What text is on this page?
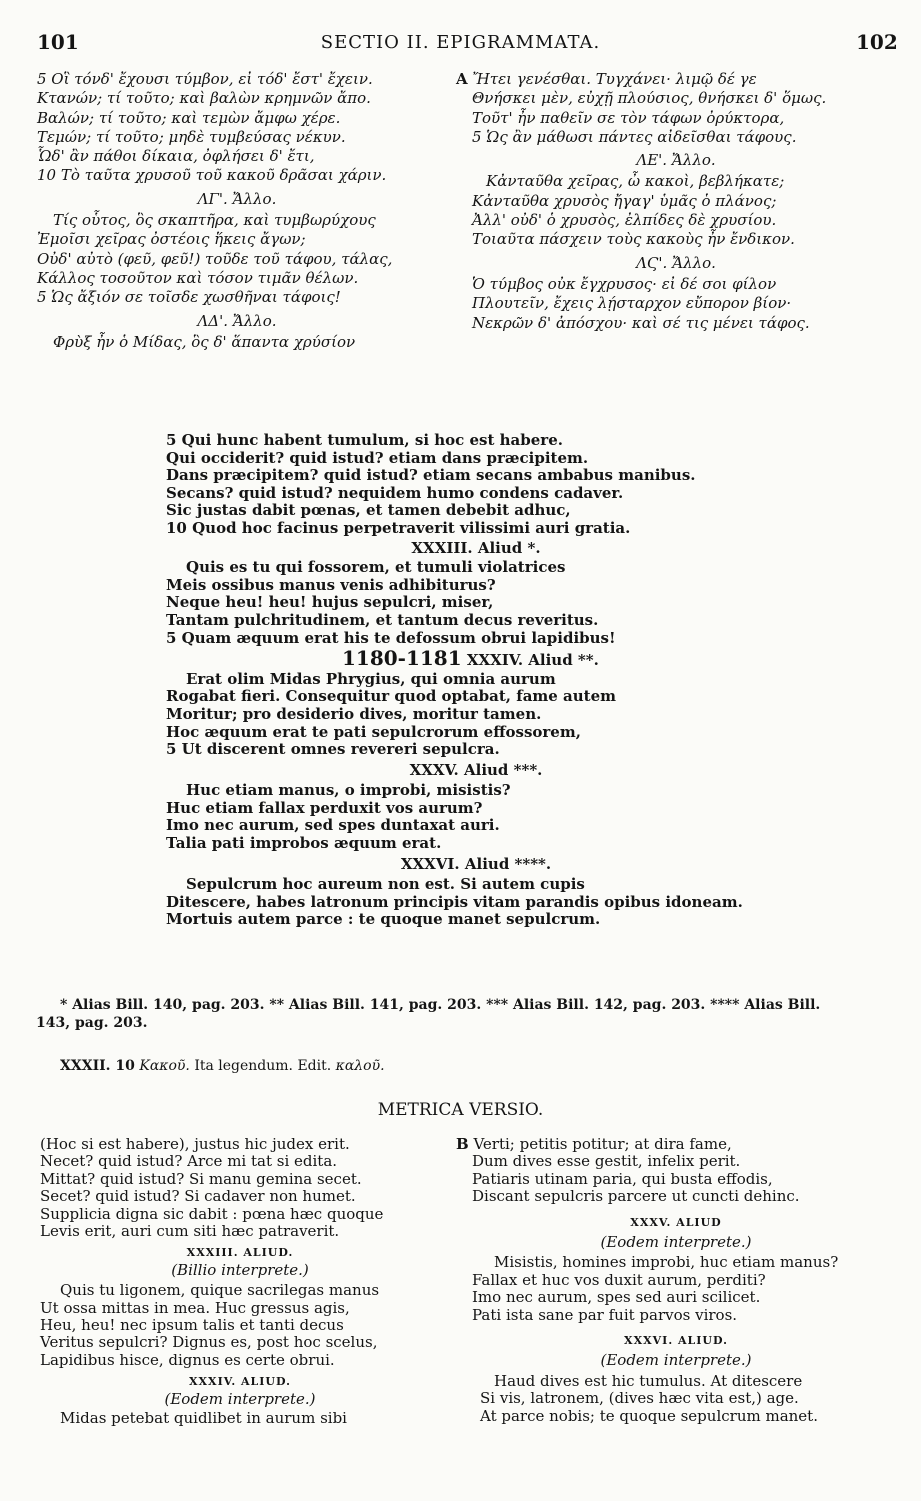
101	SECTIO II. EPIGRAMMATA.	102
5 Οἳ τόνδ' ἔχουσι τύμβον, εἰ τόδ' ἔστ' ἔχειν.
Κτανών; τί τοῦτο; καὶ βαλὼν κρημνῶν ἄπο.
Βαλών; τί τοῦτο; καὶ τεμὼν ἄμφω χέρε.
Τεμών; τί τοῦτο; μηδὲ τυμβεύσας νέκυν.
Ὧδ' ἂν πάθοι δίκαια, ὀφλήσει δ' ἔτι,
10 Τὸ ταῦτα χρυσοῦ τοῦ κακοῦ δρᾶσαι χάριν.
ΛΓ'. Ἄλλο.
Τίς οὗτος, ὃς σκαπτῆρα, καὶ τυμβωρύχους
Ἐμοῖσι χεῖρας ὀστέοις ἥκεις ἄγων;
Οὐδ' αὐτὸ (φεῦ, φεῦ!) τοῦδε τοῦ τάφου, τάλας,
Κάλλος τοσοῦτον καὶ τόσον τιμᾶν θέλων.
5 Ὡς ἄξιόν σε τοῖσδε χωσθῆναι τάφοις!
ΛΔ'. Ἄλλο.
Φρὺξ ἦν ὁ Μίδας, ὃς δ' ἅπαντα χρύσίον
A Ἤτει γενέσθαι. Τυγχάνει· λιμῷ δέ γε
Θνήσκει μὲν, εὐχῇ πλούσιος, θνήσκει δ' ὅμως.
Τοῦτ' ἦν παθεῖν σε τὸν τάφων ὀρύκτορα,
5 Ὡς ἂν μάθωσι πάντες αἰδεῖσθαι τάφους.
ΛΕ'. Ἄλλο.
Κἀνταῦθα χεῖρας, ὦ κακοὶ, βεβλήκατε;
Κἀνταῦθα χρυσὸς ἤγαγ' ὑμᾶς ὁ πλάνος;
Ἀλλ' οὐδ' ὁ χρυσὸς, ἐλπίδες δὲ χρυσίου.
Τοιαῦτα πάσχειν τοὺς κακοὺς ἦν ἔνδικον.
ΛϚ'. Ἄλλο.
Ὁ τύμβος οὐκ ἔγχρυσος· εἰ δέ σοι φίλον
Πλουτεῖν, ἔχεις λῄσταρχον εὔπορον βίον·
Νεκρῶν δ' ἀπόσχου· καὶ σέ τις μένει τάφος.
5 Qui hunc habent tumulum, si hoc est habere.
Qui occiderit? quid istud? etiam dans præcipitem.
Dans præcipitem? quid istud? etiam secans ambabus manibus.
Secans? quid istud? nequidem humo condens cadaver.
Sic justas dabit pœnas, et tamen debebit adhuc,
10 Quod hoc facinus perpetraverit vilissimi auri gratia.
XXXIII. Aliud *.
Quis es tu qui fossorem, et tumuli violatrices
Meis ossibus manus venis adhibiturus?
Neque heu! heu! hujus sepulcri, miser,
Tantam pulchritudinem, et tantum decus reveritus.
5 Quam æquum erat his te defossum obrui lapidibus!
1180-1181 XXXIV. Aliud **.
Erat olim Midas Phrygius, qui omnia aurum
Rogabat fieri. Consequitur quod optabat, fame autem
Moritur; pro desiderio dives, moritur tamen.
Hoc æquum erat te pati sepulcrorum effossorem,
5 Ut discerent omnes revereri sepulcra.
XXXV. Aliud ***.
Huc etiam manus, o improbi, misistis?
Huc etiam fallax perduxit vos aurum?
Imo nec aurum, sed spes duntaxat auri.
Talia pati improbos æquum erat.
XXXVI. Aliud ****.
Sepulcrum hoc aureum non est. Si autem cupis
Ditescere, habes latronum principis vitam parandis opibus idoneam.
Mortuis autem parce : te quoque manet sepulcrum.
* Alias Bill. 140, pag. 203. ** Alias Bill. 141, pag. 203. *** Alias Bill. 142, pag. 203. **** Alias Bill.
143, pag. 203.
XXXII. 10 Κακοῦ. Ita legendum. Edit. καλοῦ.
METRICA VERSIO.
(Hoc si est habere), justus hic judex erit.
Necet? quid istud? Arce mi tat si edita.
Mittat? quid istud? Si manu gemina secet.
Secet? quid istud? Si cadaver non humet.
Supplicia digna sic dabit : pœna hæc quoque
Levis erit, auri cum siti hæc patraverit.
XXXIII. ALIUD.
(Billio interprete.)
Quis tu ligonem, quique sacrilegas manus
Ut ossa mittas in mea. Huc gressus agis,
Heu, heu! nec ipsum talis et tanti decus
Veritus sepulcri? Dignus es, post hoc scelus,
Lapidibus hisce, dignus es certe obrui.
XXXIV. ALIUD.
(Eodem interprete.)
Midas petebat quidlibet in aurum sibi
B Verti; petitis potitur; at dira fame,
Dum dives esse gestit, infelix perit.
Patiaris utinam paria, qui busta effodis,
Discant sepulcris parcere ut cuncti dehinc.
XXXV. ALIUD
(Eodem interprete.)
Misistis, homines improbi, huc etiam manus?
Fallax et huc vos duxit aurum, perditi?
Imo nec aurum, spes sed auri scilicet.
Pati ista sane par fuit parvos viros.
XXXVI. ALIUD.
(Eodem interprete.)
Haud dives est hic tumulus. At ditescere
Si vis, latronem, (dives hæc vita est,) age.
At parce nobis; te quoque sepulcrum manet.
